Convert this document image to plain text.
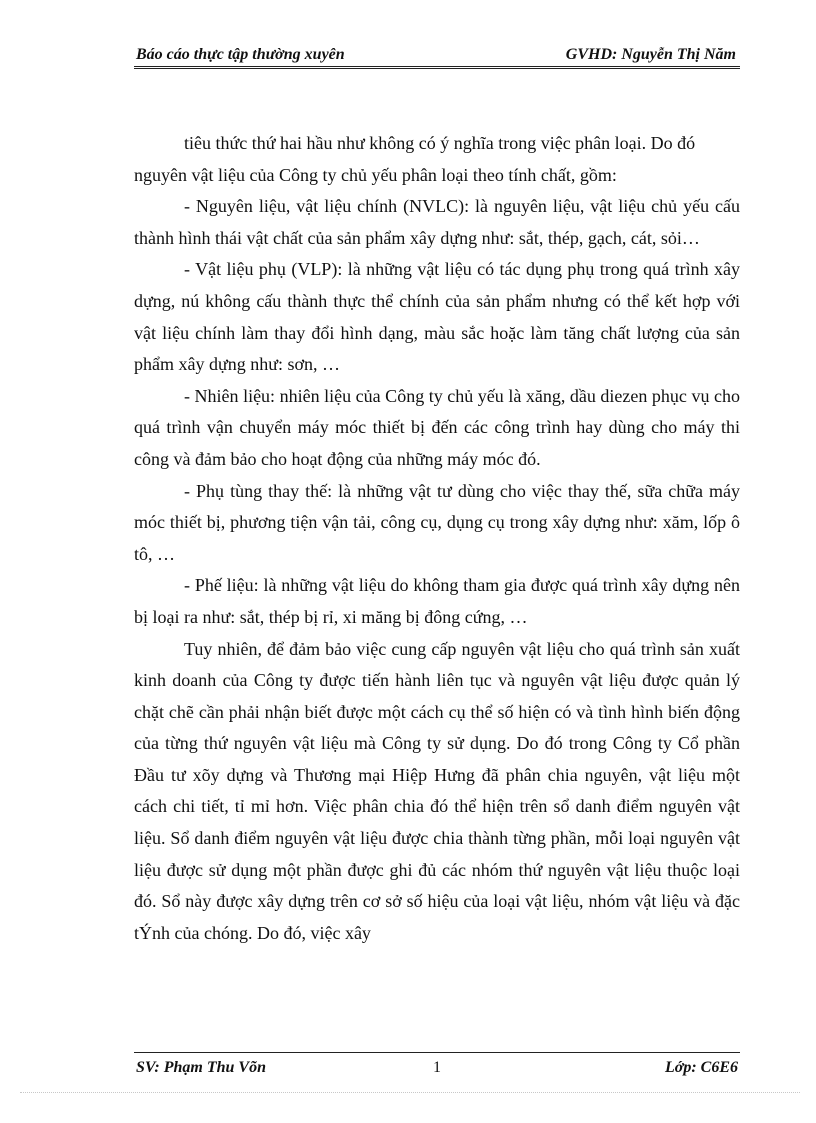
Báo cáo thực tập thường xuyên	GVHD: Nguyễn Thị Năm

tiêu thức thứ hai hầu như không có ý nghĩa trong việc phân loại. Do đó

nguyên vật liệu của Công ty chủ yếu phân loại theo tính chất, gồm:

- Nguyên liệu, vật liệu chính (NVLC): là nguyên liệu, vật liệu chủ yếu cấu thành hình thái vật chất của sản phẩm xây dựng như: sắt, thép, gạch, cát, sỏi…

- Vật liệu phụ (VLP): là những vật liệu có tác dụng phụ trong quá trình xây dựng, nú không cấu thành thực thể chính của sản phẩm nhưng có thể kết hợp với vật liệu chính làm thay đổi hình dạng, màu sắc hoặc làm tăng chất lượng của sản phẩm xây dựng như: sơn, …

- Nhiên liệu: nhiên liệu của Công ty chủ yếu là xăng, dầu diezen phục vụ cho quá trình vận chuyển máy móc thiết bị đến các công trình hay dùng cho máy thi công và đảm bảo cho hoạt động của những máy móc đó.

- Phụ tùng thay thế: là những vật tư dùng cho việc thay thế, sữa chữa máy móc thiết bị, phương tiện vận tải, công cụ, dụng cụ trong xây dựng như: xăm, lốp ô tô, …

- Phế liệu: là những vật liệu do không tham gia được quá trình xây dựng nên bị loại ra như: sắt, thép bị rỉ, xi măng bị đông cứng, …

Tuy nhiên, để đảm bảo việc cung cấp nguyên vật liệu cho quá trình sản xuất kinh doanh của Công ty được tiến hành liên tục và nguyên vật liệu được quản lý chặt chẽ cần phải nhận biết được một cách cụ thể số hiện có và tình hình biến động của từng thứ nguyên vật liệu mà Công ty sử dụng. Do đó trong Công ty Cổ phần Đầu tư xõy dựng và Thương mại Hiệp Hưng đã phân chia nguyên, vật liệu một cách chi tiết, tỉ mỉ hơn. Việc phân chia đó thể hiện trên sổ danh điểm nguyên vật liệu. Sổ danh điểm nguyên vật liệu được chia thành từng phần, mỗi loại nguyên vật liệu được sử dụng một phần được ghi đủ các nhóm thứ nguyên vật liệu thuộc loại đó. Sổ này được xây dựng trên cơ sở số hiệu của loại vật liệu, nhóm vật liệu và đặc tÝnh của chóng. Do đó, việc xây

SV: Phạm Thu Võn	1	Lớp: C6E6
